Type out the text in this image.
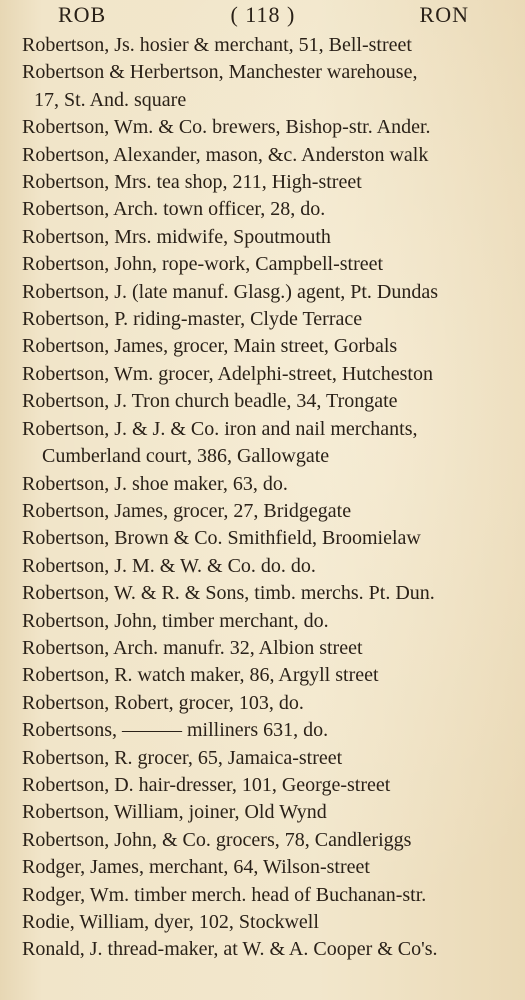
ROB	( 118 )	RON
Robertson, Js. hosier & merchant, 51, Bell-street
Robertson & Herbertson, Manchester warehouse,
17, St. And. square
Robertson, Wm. & Co. brewers, Bishop-str. Ander.
Robertson, Alexander, mason, &c. Anderston walk
Robertson, Mrs. tea shop, 211, High-street
Robertson, Arch. town officer, 28, do.
Robertson, Mrs. midwife, Spoutmouth
Robertson, John, rope-work, Campbell-street
Robertson, J. (late manuf. Glasg.) agent, Pt. Dundas
Robertson, P. riding-master, Clyde Terrace
Robertson, James, grocer, Main street, Gorbals
Robertson, Wm. grocer, Adelphi-street, Hutcheston
Robertson, J. Tron church beadle, 34, Trongate
Robertson, J. & J. & Co. iron and nail merchants,
Cumberland court, 386, Gallowgate
Robertson, J. shoe maker, 63, do.
Robertson, James, grocer, 27, Bridgegate
Robertson, Brown & Co. Smithfield, Broomielaw
Robertson, J. M. & W. & Co. do. do.
Robertson, W. & R. & Sons, timb. merchs. Pt. Dun.
Robertson, John, timber merchant, do.
Robertson, Arch. manufr. 32, Albion street
Robertson, R. watch maker, 86, Argyll street
Robertson, Robert, grocer, 103, do.
Robertsons, ——— milliners 631, do.
Robertson, R. grocer, 65, Jamaica-street
Robertson, D. hair-dresser, 101, George-street
Robertson, William, joiner, Old Wynd
Robertson, John, & Co. grocers, 78, Candleriggs
Rodger, James, merchant, 64, Wilson-street
Rodger, Wm. timber merch. head of Buchanan-str.
Rodie, William, dyer, 102, Stockwell
Ronald, J. thread-maker, at W. & A. Cooper & Co's.
